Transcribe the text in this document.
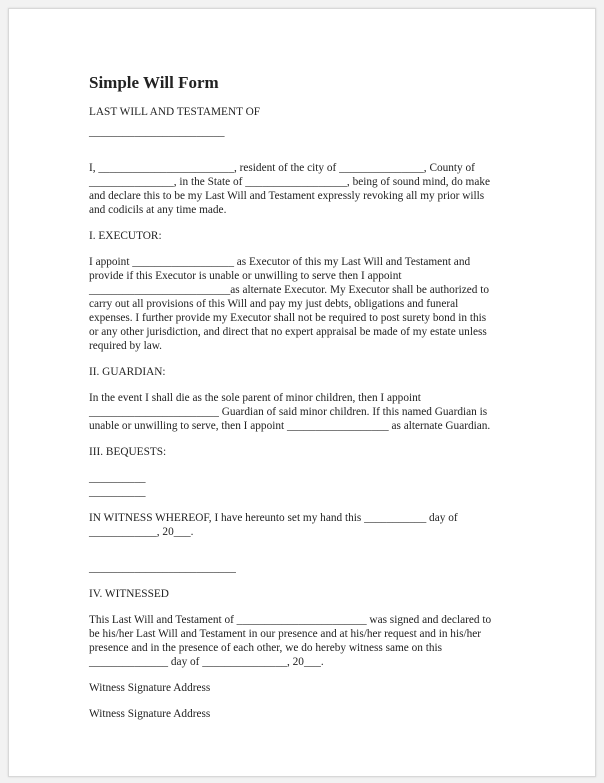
Simple Will Form
LAST WILL AND TESTAMENT OF
________________________
I, ________________________, resident of the city of _______________, County of
_______________, in the State of __________________, being of sound mind, do make
and declare this to be my Last Will and Testament expressly revoking all my prior wills
and codicils at any time made.
I. EXECUTOR:
I appoint __________________ as Executor of this my Last Will and Testament and
provide if this Executor is unable or unwilling to serve then I appoint
_________________________as alternate Executor. My Executor shall be authorized to
carry out all provisions of this Will and pay my just debts, obligations and funeral
expenses. I further provide my Executor shall not be required to post surety bond in this
or any other jurisdiction, and direct that no expert appraisal be made of my estate unless
required by law.
II. GUARDIAN:
In the event I shall die as the sole parent of minor children, then I appoint
_______________________ Guardian of said minor children. If this named Guardian is
unable or unwilling to serve, then I appoint __________________ as alternate Guardian.
III. BEQUESTS:
__________
__________
IN WITNESS WHEREOF, I have hereunto set my hand this ___________ day of
____________, 20___.
__________________________
IV. WITNESSED
This Last Will and Testament of _______________________ was signed and declared to
be his/her Last Will and Testament in our presence and at his/her request and in his/her
presence and in the presence of each other, we do hereby witness same on this
______________ day of _______________, 20___.
Witness Signature Address
Witness Signature Address
